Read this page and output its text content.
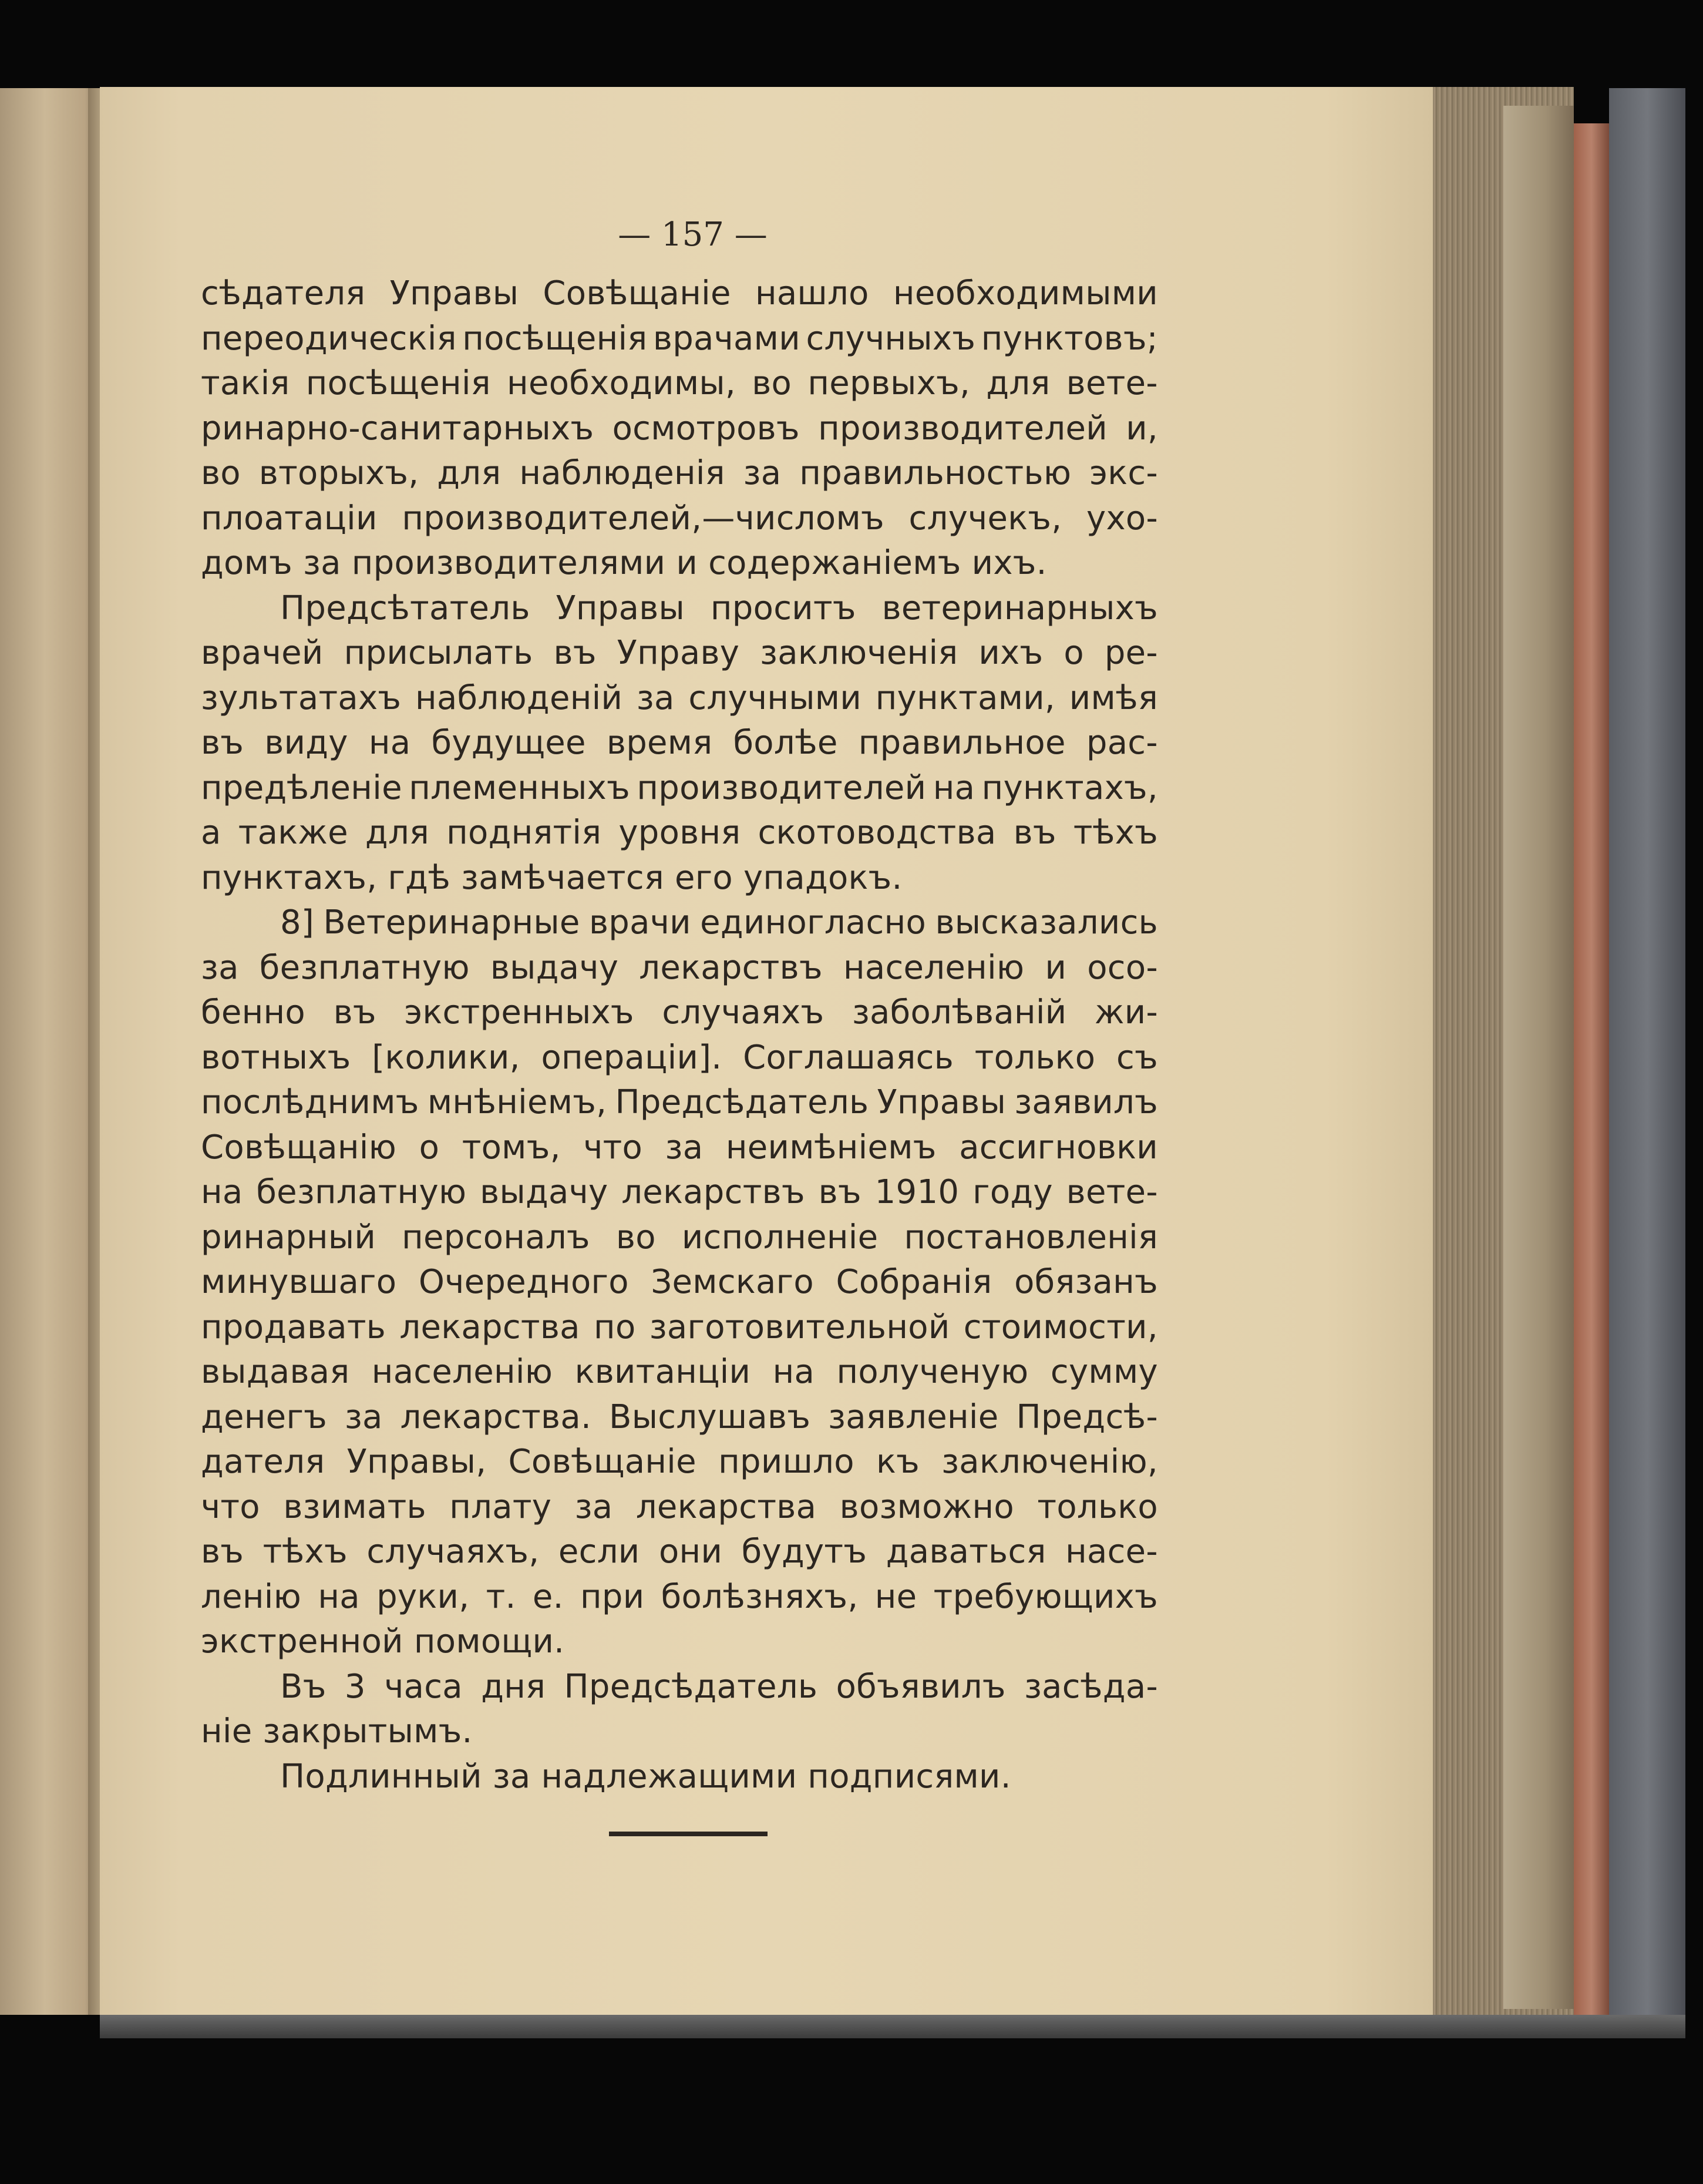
— 157 —
сѣдателя Управы Совѣщаніе нашло необходимыми
переодическія посѣщенія врачами случныхъ пунктовъ;
такія посѣщенія необходимы, во первыхъ, для вете-
ринарно-санитарныхъ осмотровъ производителей и,
во вторыхъ, для наблюденія за правильностью экс-
плоатаціи производителей,—числомъ случекъ, ухо-
домъ за производителями и содержаніемъ ихъ.
Предсѣтатель Управы проситъ ветеринарныхъ
врачей присылать въ Управу заключенія ихъ о ре-
зультатахъ наблюденій за случными пунктами, имѣя
въ виду на будущее время болѣе правильное рас-
предѣленіе племенныхъ производителей на пунктахъ,
а также для поднятія уровня скотоводства въ тѣхъ
пунктахъ, гдѣ замѣчается его упадокъ.
8] Ветеринарные врачи единогласно высказались
за безплатную выдачу лекарствъ населенію и осо-
бенно въ экстренныхъ случаяхъ заболѣваній жи-
вотныхъ [колики, операціи]. Соглашаясь только съ
послѣднимъ мнѣніемъ, Предсѣдатель Управы заявилъ
Совѣщанію о томъ, что за неимѣніемъ ассигновки
на безплатную выдачу лекарствъ въ 1910 году вете-
ринарный персоналъ во исполненіе постановленія
минувшаго Очередного Земскаго Собранія обязанъ
продавать лекарства по заготовительной стоимости,
выдавая населенію квитанціи на полученую сумму
денегъ за лекарства. Выслушавъ заявленіе Предсѣ-
дателя Управы, Совѣщаніе пришло къ заключенію,
что взимать плату за лекарства возможно только
въ тѣхъ случаяхъ, если они будутъ даваться насе-
ленію на руки, т. е. при болѣзняхъ, не требующихъ
экстренной помощи.
Въ 3 часа дня Предсѣдатель объявилъ засѣда-
ніе закрытымъ.
Подлинный за надлежащими подписями.
